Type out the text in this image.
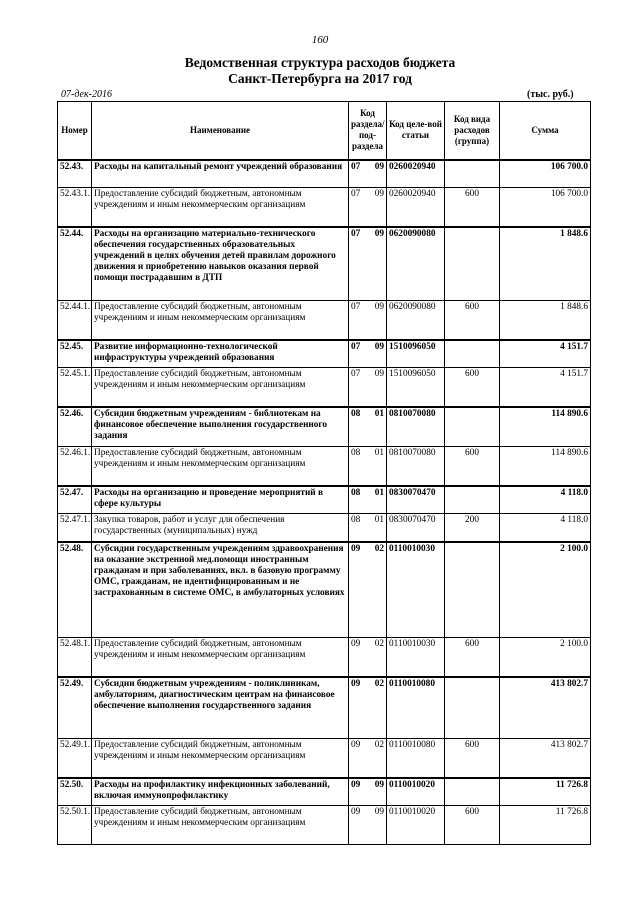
160
Ведомственная структура расходов бюджета
Санкт-Петербурга на 2017 год
07-дек-2016	(тыс. руб.)
Номер	Наименование	Код раздела/ под-раздела	Код целе-вой статьи	Код вида расходов (группа)	Сумма
52.43.	Расходы на капитальный ремонт учреждений образования	07 09	0260020940		106 700.0
52.43.1.	Предоставление субсидий бюджетным, автономным учреждениям и иным некоммерческим организациям	07 09	0260020940	600	106 700.0
52.44.	Расходы на организацию материально-технического обеспечения государственных образовательных учреждений в целях обучения детей правилам дорожного движения и приобретению навыков оказания первой помощи пострадавшим в ДТП	07 09	0620090080		1 848.6
52.44.1.	Предоставление субсидий бюджетным, автономным учреждениям и иным некоммерческим организациям	07 09	0620090080	600	1 848.6
52.45.	Развитие информационно-технологической инфраструктуры учреждений образования	07 09	1510096050		4 151.7
52.45.1.	Предоставление субсидий бюджетным, автономным учреждениям и иным некоммерческим организациям	07 09	1510096050	600	4 151.7
52.46.	Субсидии бюджетным учреждениям - библиотекам на финансовое обеспечение выполнения государственного задания	08 01	0810070080		114 890.6
52.46.1.	Предоставление субсидий бюджетным, автономным учреждениям и иным некоммерческим организациям	08 01	0810070080	600	114 890.6
52.47.	Расходы на организацию и проведение мероприятий в сфере культуры	08 01	0830070470		4 118.0
52.47.1.	Закупка товаров, работ и услуг для обеспечения государственных (муниципальных) нужд	08 01	0830070470	200	4 118.0
52.48.	Субсидии государственным учреждениям здравоохранения на оказание экстренной мед.помощи иностранным гражданам и при заболеваниях, вкл. в базовую программу ОМС, гражданам, не идентифицированным и не застрахованным в системе ОМС, в амбулаторных условиях	09 02	0110010030		2 100.0
52.48.1.	Предоставление субсидий бюджетным, автономным учреждениям и иным некоммерческим организациям	09 02	0110010030	600	2 100.0
52.49.	Субсидии бюджетным учреждениям - поликлиникам, амбулаториям, диагностическим центрам на финансовое обеспечение выполнения государственного задания	09 02	0110010080		413 802.7
52.49.1.	Предоставление субсидий бюджетным, автономным учреждениям и иным некоммерческим организациям	09 02	0110010080	600	413 802.7
52.50.	Расходы на профилактику инфекционных заболеваний, включая иммунопрофилактику	09 09	0110010020		11 726.8
52.50.1.	Предоставление субсидий бюджетным, автономным учреждениям и иным некоммерческим организациям	09 09	0110010020	600	11 726.8
